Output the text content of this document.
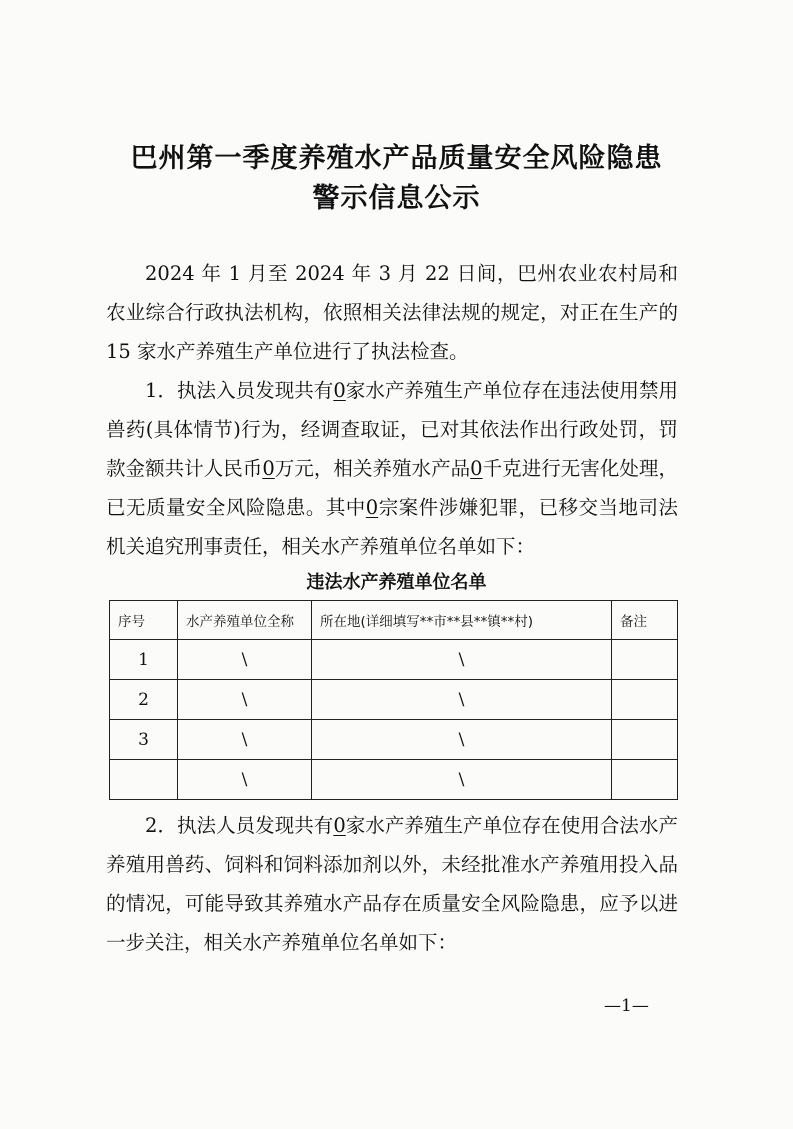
巴州第一季度养殖水产品质量安全风险隐患
警示信息公示

2024 年 1 月至 2024 年 3 月 22 日间，巴州农业农村局和农业综合行政执法机构，依照相关法律法规的规定，对正在生产的 15 家水产养殖生产单位进行了执法检查。

1．执法入员发现共有0家水产养殖生产单位存在违法使用禁用兽药(具体情节)行为，经调查取证，已对其依法作出行政处罚，罚款金额共计人民币0万元，相关养殖水产品0千克进行无害化处理，已无质量安全风险隐患。其中0宗案件涉嫌犯罪，已移交当地司法机关追究刑事责任，相关水产养殖单位名单如下：

违法水产养殖单位名单

序号	水产养殖单位全称	所在地(详细填写**市**县**镇**村)	备注
1	\	\	
2	\	\	
3	\	\	
	\	\	

2．执法人员发现共有0家水产养殖生产单位存在使用合法水产养殖用兽药、饲料和饲料添加剂以外，未经批准水产养殖用投入品的情况，可能导致其养殖水产品存在质量安全风险隐患，应予以进一步关注，相关水产养殖单位名单如下：

—1—
